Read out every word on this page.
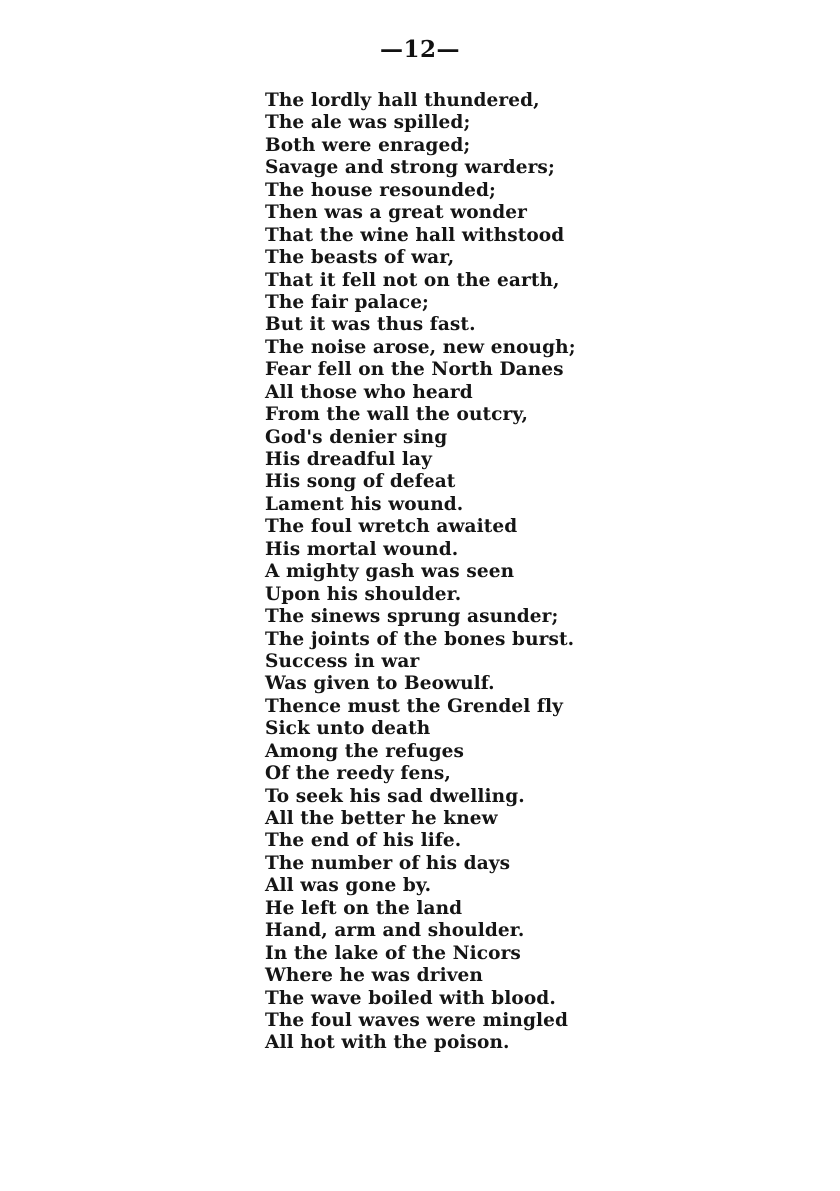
—12—
The lordly hall thundered,
The ale was spilled;
Both were enraged;
Savage and strong warders;
The house resounded;
Then was a great wonder
That the wine hall withstood
The beasts of war,
That it fell not on the earth,
The fair palace;
But it was thus fast.
The noise arose, new enough;
Fear fell on the North Danes
All those who heard
From the wall the outcry,
God's denier sing
His dreadful lay
His song of defeat
Lament his wound.
The foul wretch awaited
His mortal wound.
A mighty gash was seen
Upon his shoulder.
The sinews sprung asunder;
The joints of the bones burst.
Success in war
Was given to Beowulf.
Thence must the Grendel fly
Sick unto death
Among the refuges
Of the reedy fens,
To seek his sad dwelling.
All the better he knew
The end of his life.
The number of his days
All was gone by.
He left on the land
Hand, arm and shoulder.
In the lake of the Nicors
Where he was driven
The wave boiled with blood.
The foul waves were mingled
All hot with the poison.
